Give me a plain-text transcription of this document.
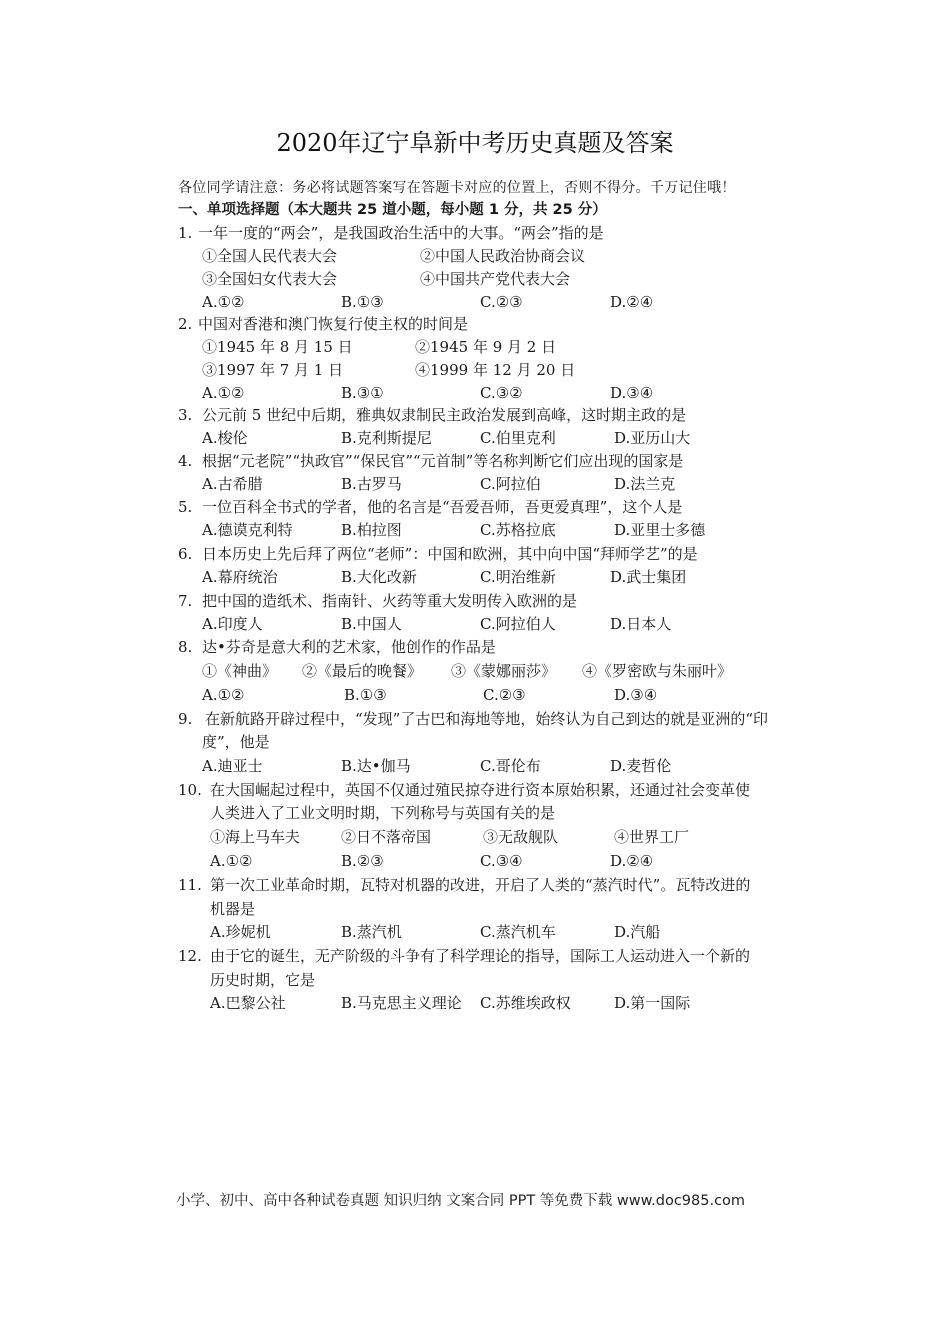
2020年辽宁阜新中考历史真题及答案
各位同学请注意：务必将试题答案写在答题卡对应的位置上，否则不得分。千万记住哦！
一、单项选择题（本大题共 25 道小题，每小题 1 分，共 25 分）
1. 一年一度的“两会”，是我国政治生活中的大事。“两会”指的是
①全国人民代表大会	②中国人民政治协商会议
③全国妇女代表大会	④中国共产党代表大会
A.①②	B.①③	C.②③	D.②④
2. 中国对香港和澳门恢复行使主权的时间是
①1945 年 8 月 15 日	②1945 年 9 月 2 日
③1997 年 7 月 1 日	④1999 年 12 月 20 日
A.①②	B.③①	C.③②	D.③④
3. 公元前 5 世纪中后期，雅典奴隶制民主政治发展到高峰，这时期主政的是
A.梭伦	B.克利斯提尼	C.伯里克利	D.亚历山大
4. 根据“元老院”“执政官”“保民官”“元首制”等名称判断它们应出现的国家是
A.古希腊	B.古罗马	C.阿拉伯	D.法兰克
5. 一位百科全书式的学者，他的名言是“吾爱吾师，吾更爱真理”，这个人是
A.德谟克利特	B.柏拉图	C.苏格拉底	D.亚里士多德
6. 日本历史上先后拜了两位“老师”：中国和欧洲，其中向中国“拜师学艺”的是
A.幕府统治	B.大化改新	C.明治维新	D.武士集团
7. 把中国的造纸术、指南针、火药等重大发明传入欧洲的是
A.印度人	B.中国人	C.阿拉伯人	D.日本人
8. 达•芬奇是意大利的艺术家，他创作的作品是
①《神曲》 ②《最后的晚餐》 ③《蒙娜丽莎》 ④《罗密欧与朱丽叶》
A.①②	B.①③	C.②③	D.③④
9. 在新航路开辟过程中，“发现”了古巴和海地等地，始终认为自己到达的就是亚洲的“印
度”，他是
A.迪亚士	B.达•伽马	C.哥伦布	D.麦哲伦
10. 在大国崛起过程中，英国不仅通过殖民掠夺进行资本原始积累，还通过社会变革使
人类进入了工业文明时期，下列称号与英国有关的是
①海上马车夫	②日不落帝国	③无敌舰队	④世界工厂
A.①②	B.②③	C.③④	D.②④
11. 第一次工业革命时期，瓦特对机器的改进，开启了人类的“蒸汽时代”。瓦特改进的
机器是
A.珍妮机	B.蒸汽机	C.蒸汽机车	D.汽船
12. 由于它的诞生，无产阶级的斗争有了科学理论的指导，国际工人运动进入一个新的
历史时期，它是
A.巴黎公社	B.马克思主义理论 C.苏维埃政权	D.第一国际
小学、初中、高中各种试卷真题 知识归纳 文案合同 PPT 等免费下载 www.doc985.com
